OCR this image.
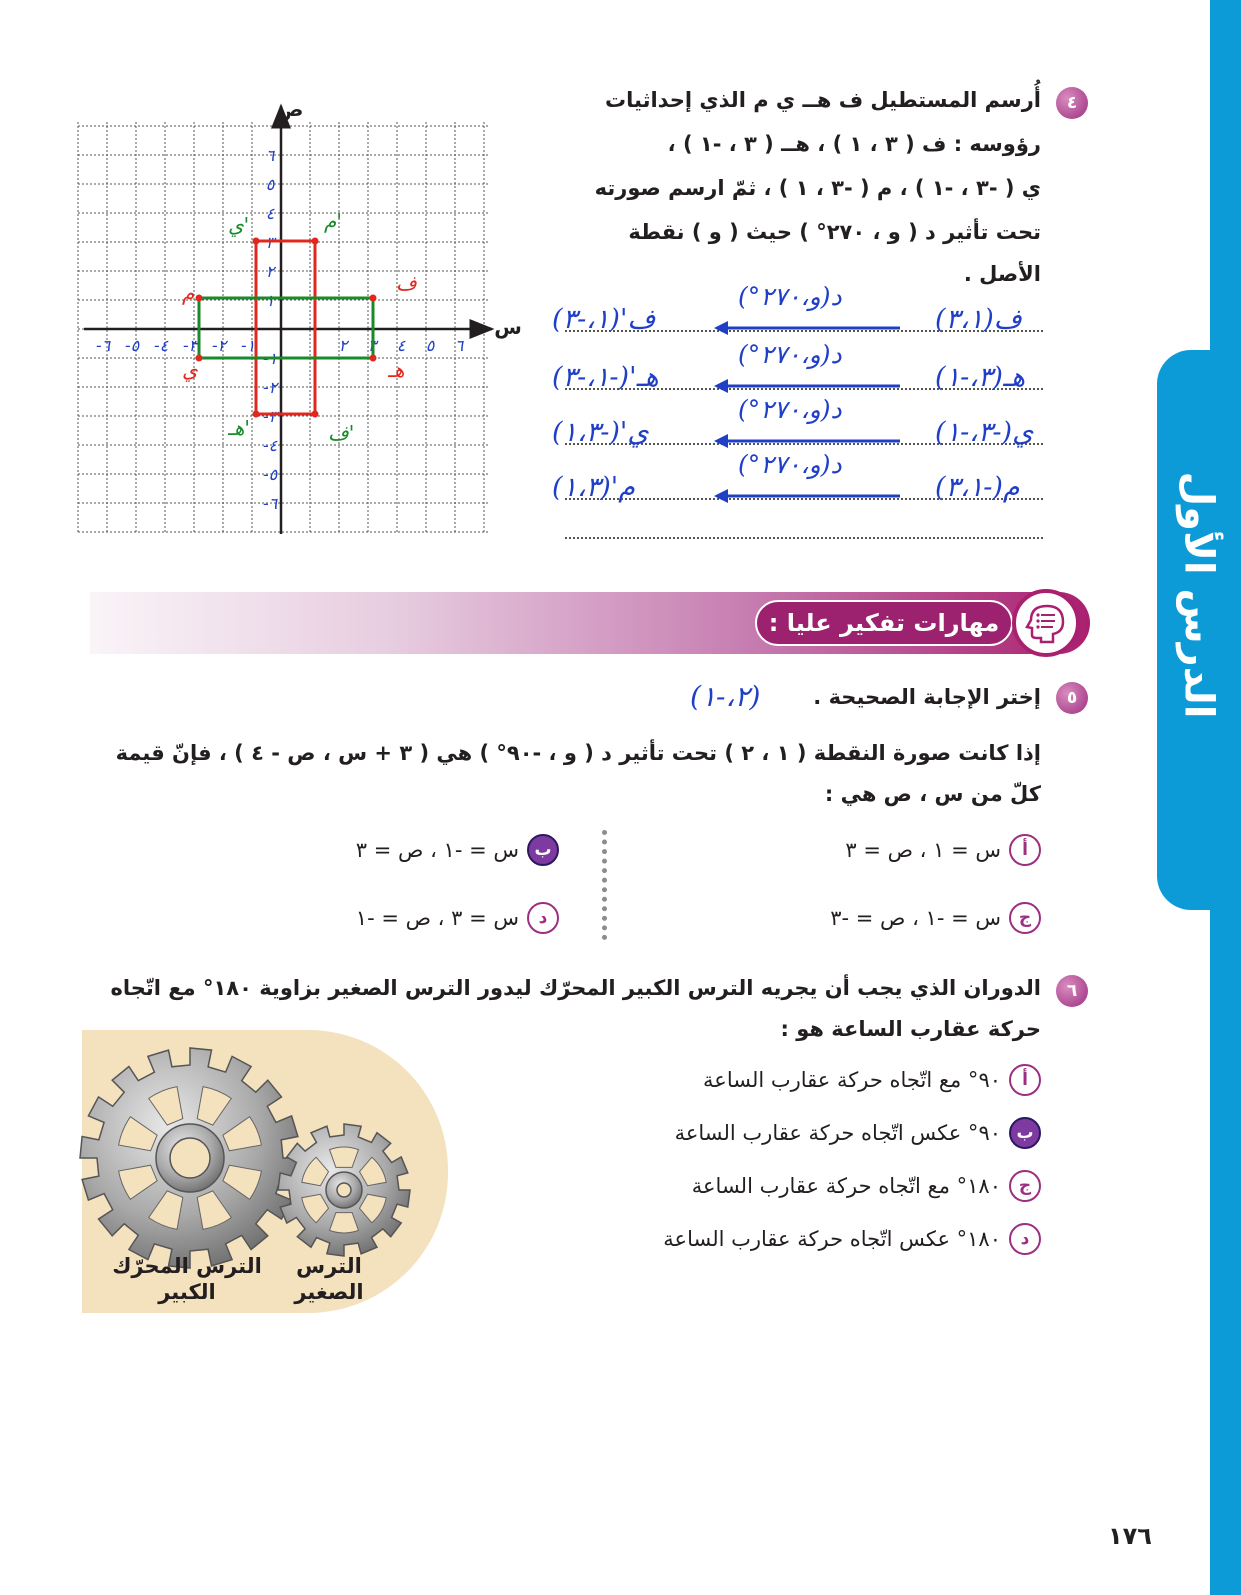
الدرس الأول
٤
أُرسم المستطيل ف هــ ي م الذي إحداثيات
رؤوسه : ف ( ٣ ، ١ ) ، هــ ( ٣ ، -١ ) ،
ي ( -٣ ، -١ ) ، م ( -٣ ، ١ ) ، ثمّ ارسم صورته
تحت تأثير د ( و ، ٢٧٠° ) حيث ( و ) نقطة
الأصل .
س
ص
١
-١
١
-١
٢
-٢
٢
-٢
٣
-٣
٣
-٣
٤
-٤
٤
-٤
٥
-٥
٥
-٥
٦
-٦
٦
-٦
ف
هـ
ي
م
ف'
هـ'
ي'	م'
ف(٣،١)
د(و،٢٧٠°)
ف'(١،-٣)
هـ(٣،-١)
د(و،٢٧٠°)
هـ'(-١،-٣)
ي(-٣،-١)
د(و،٢٧٠°)
ي'(-١،٣)
م(-٣،١)
د(و،٢٧٠°)
م'(١،٣)
مهارات تفكير عليا :
٥
إختر الإجابة الصحيحة .
(٢،-١)
إذا كانت صورة النقطة ( ١ ، ٢ ) تحت تأثير د ( و ، -٩٠° ) هي ( ٣ + س ، ص - ٤ ) ، فإنّ قيمة
كلّ من س ، ص هي :
أ
س = ١ ، ص = ٣
ب
س = -١ ، ص = ٣
ج
س = -١ ، ص = -٣
د
س = ٣ ، ص = -١
٦
الدوران الذي يجب أن يجريه الترس الكبير المحرّك ليدور الترس الصغير بزاوية ١٨٠° مع اتّجاه
حركة عقارب الساعة هو :
أ
٩٠° مع اتّجاه حركة عقارب الساعة
ب
٩٠° عكس اتّجاه حركة عقارب الساعة
ج
١٨٠° مع اتّجاه حركة عقارب الساعة
د
١٨٠° عكس اتّجاه حركة عقارب الساعة
الترس المحرّك
الكبير
الترس
الصغير
١٧٦
